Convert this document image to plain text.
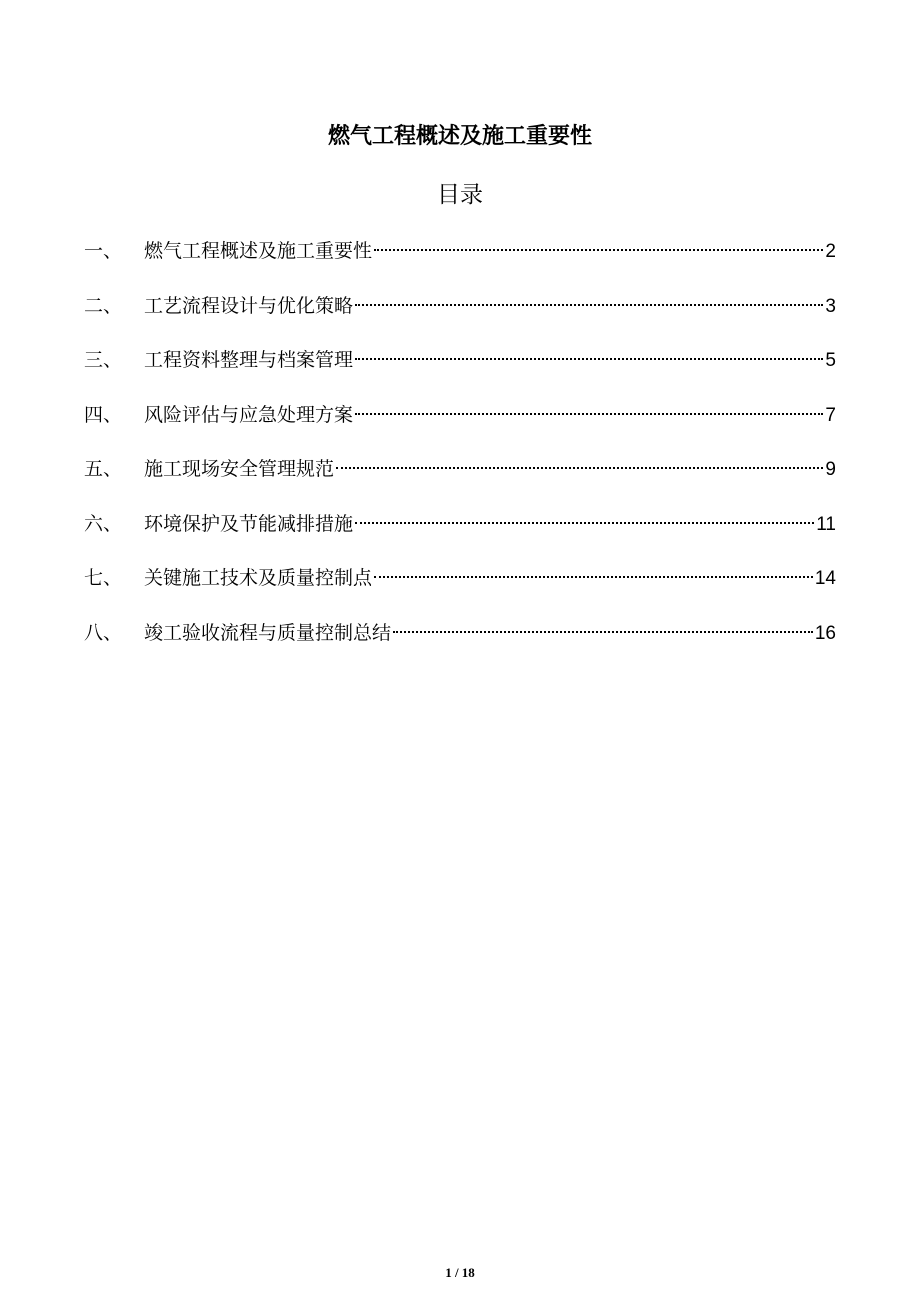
燃气工程概述及施工重要性
目录
一、	燃气工程概述及施工重要性	2
二、	工艺流程设计与优化策略	3
三、	工程资料整理与档案管理	5
四、	风险评估与应急处理方案	7
五、	施工现场安全管理规范	9
六、	环境保护及节能减排措施	11
七、	关键施工技术及质量控制点	14
八、	竣工验收流程与质量控制总结	16
1 / 18
